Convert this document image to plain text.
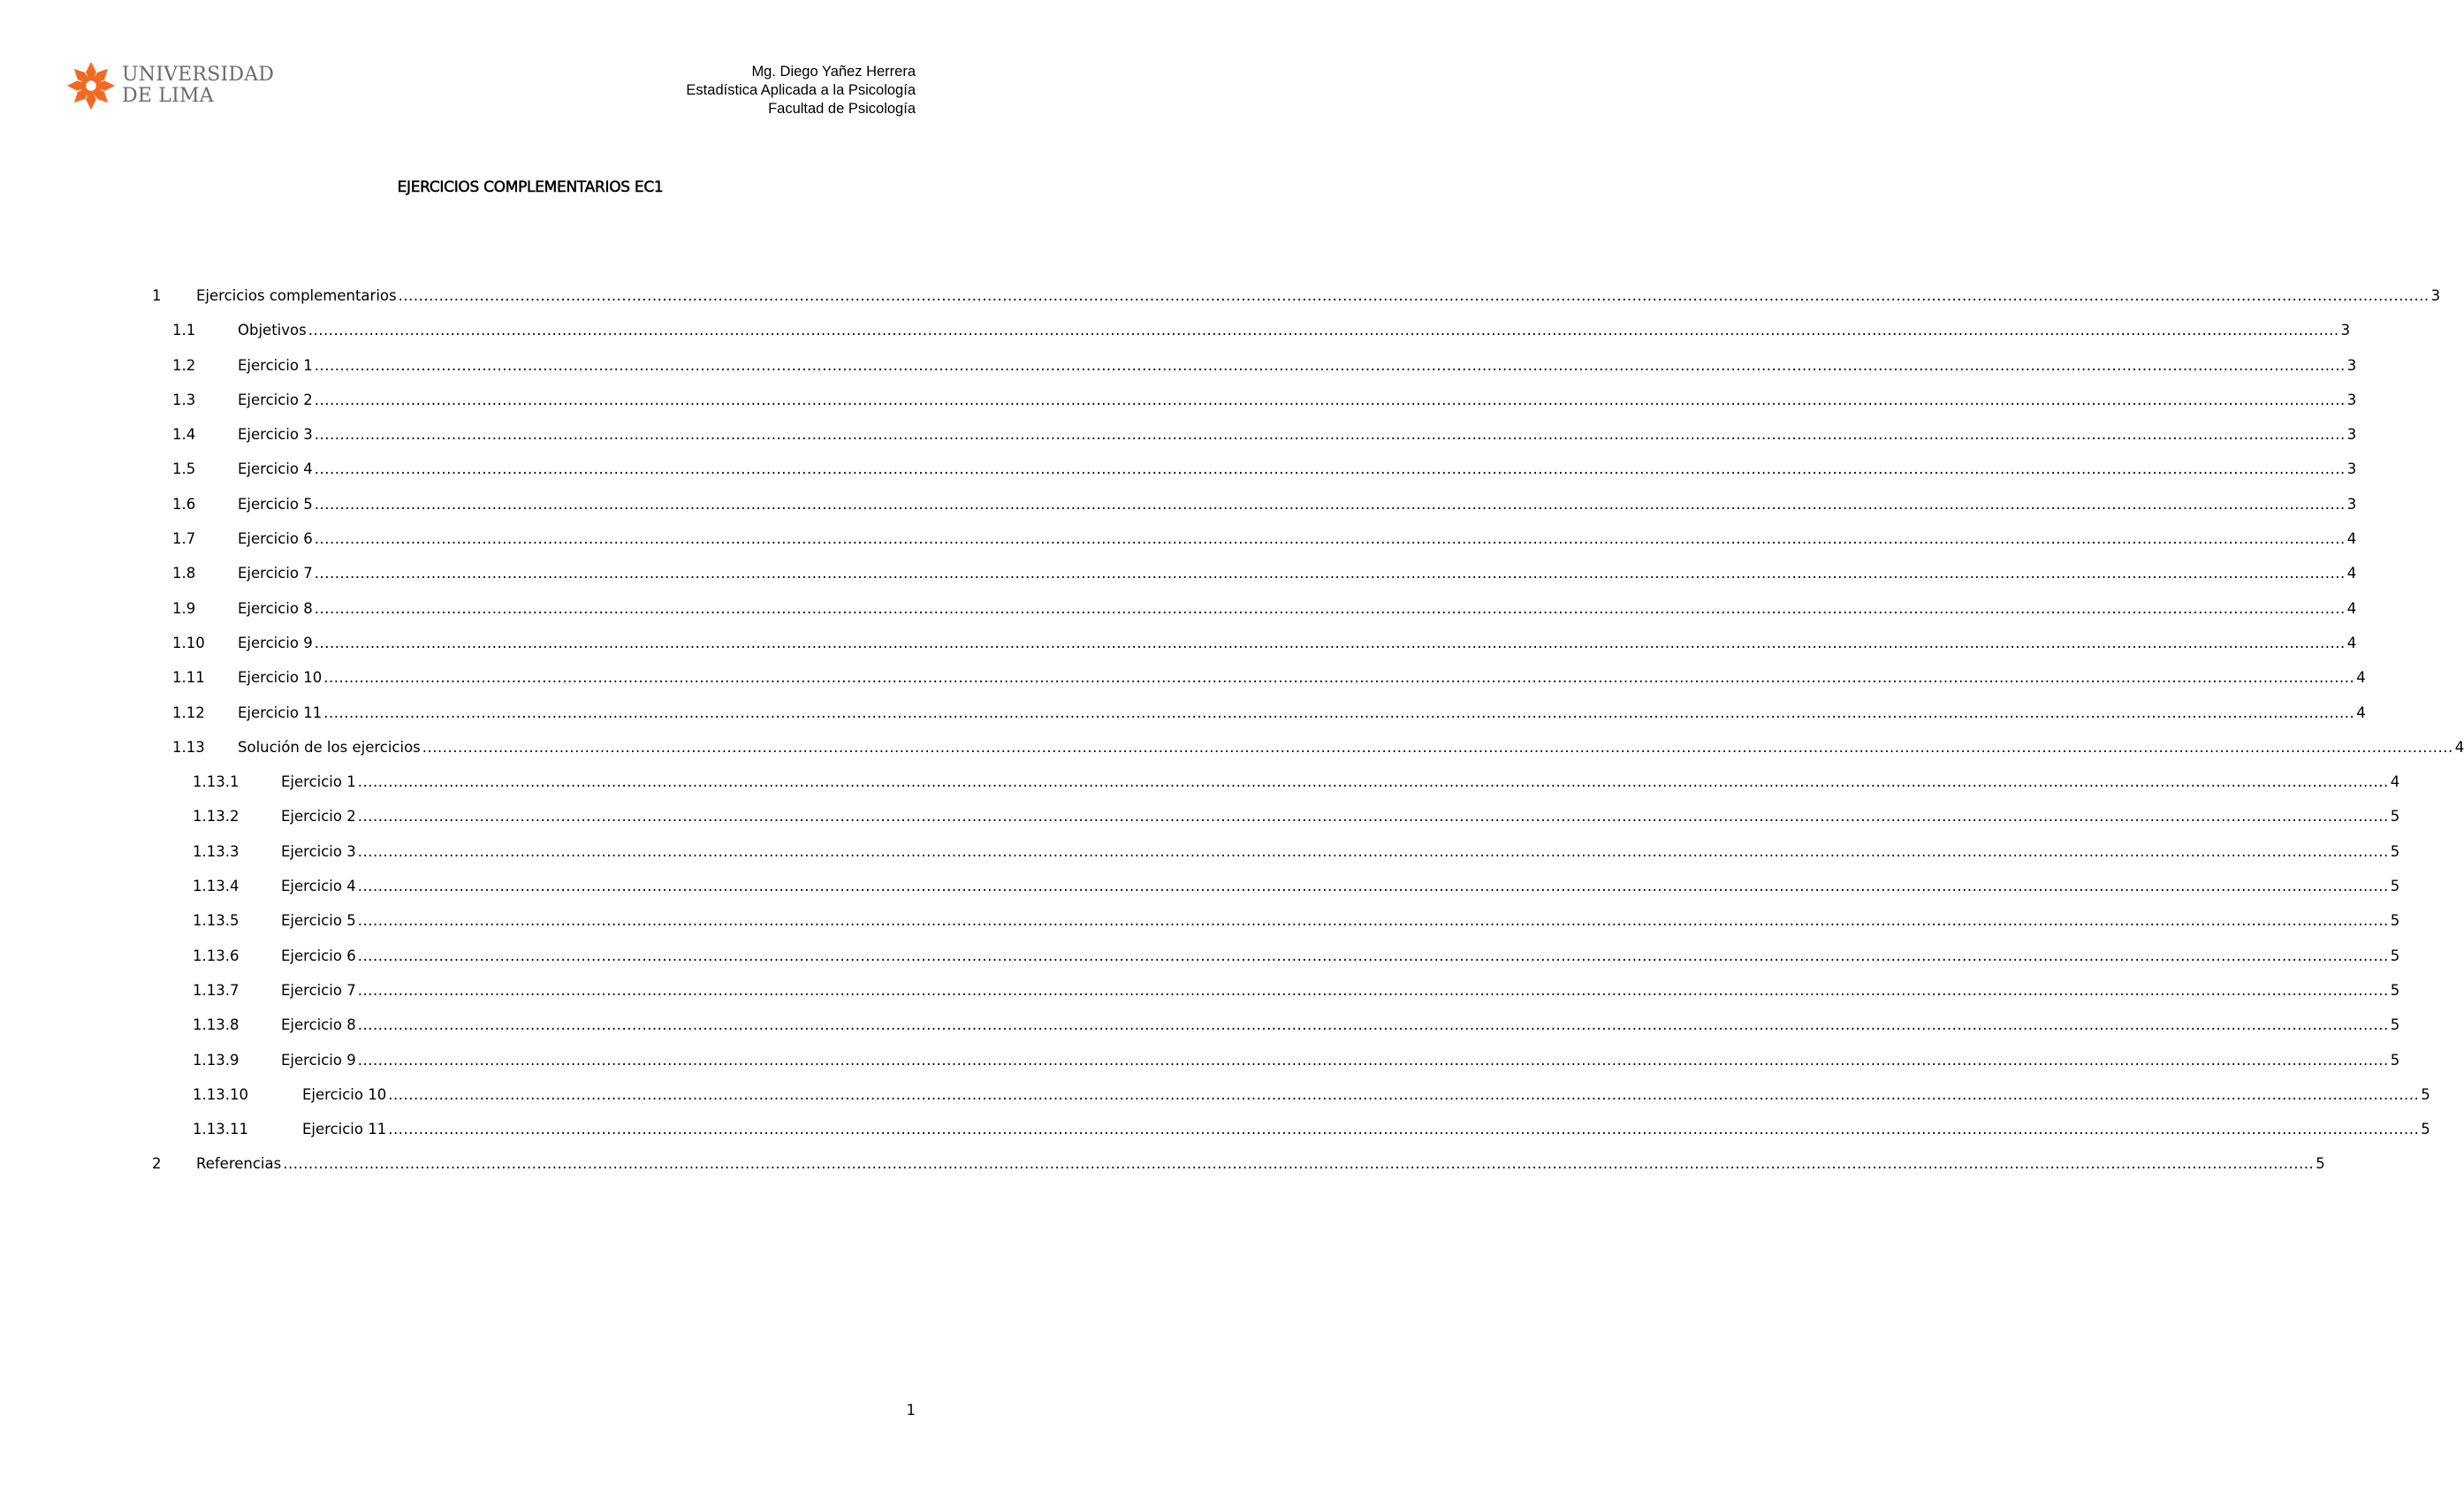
UNIVERSIDAD
DE LIMA
Mg. Diego Yañez Herrera
Estadística Aplicada a la Psicología
Facultad de Psicología
EJERCICIOS COMPLEMENTARIOS EC1
1	Ejercicios complementarios ................................................................................................................................................................................................................................................................................................................................................................................................................ 3
1.1	Objetivos ................................................................................................................................................................................................................................................................................................................................................................................................................ 3
1.2	Ejercicio 1 ................................................................................................................................................................................................................................................................................................................................................................................................................ 3
1.3	Ejercicio 2 ................................................................................................................................................................................................................................................................................................................................................................................................................ 3
1.4	Ejercicio 3 ................................................................................................................................................................................................................................................................................................................................................................................................................ 3
1.5	Ejercicio 4 ................................................................................................................................................................................................................................................................................................................................................................................................................ 3
1.6	Ejercicio 5 ................................................................................................................................................................................................................................................................................................................................................................................................................ 3
1.7	Ejercicio 6 ................................................................................................................................................................................................................................................................................................................................................................................................................ 4
1.8	Ejercicio 7 ................................................................................................................................................................................................................................................................................................................................................................................................................ 4
1.9	Ejercicio 8 ................................................................................................................................................................................................................................................................................................................................................................................................................ 4
1.10	Ejercicio 9 ................................................................................................................................................................................................................................................................................................................................................................................................................ 4
1.11	Ejercicio 10 ................................................................................................................................................................................................................................................................................................................................................................................................................ 4
1.12	Ejercicio 11 ................................................................................................................................................................................................................................................................................................................................................................................................................ 4
1.13	Solución de los ejercicios ................................................................................................................................................................................................................................................................................................................................................................................................................ 4
1.13.1	Ejercicio 1 ................................................................................................................................................................................................................................................................................................................................................................................................................ 4
1.13.2	Ejercicio 2 ................................................................................................................................................................................................................................................................................................................................................................................................................ 5
1.13.3	Ejercicio 3 ................................................................................................................................................................................................................................................................................................................................................................................................................ 5
1.13.4	Ejercicio 4 ................................................................................................................................................................................................................................................................................................................................................................................................................ 5
1.13.5	Ejercicio 5 ................................................................................................................................................................................................................................................................................................................................................................................................................ 5
1.13.6	Ejercicio 6 ................................................................................................................................................................................................................................................................................................................................................................................................................ 5
1.13.7	Ejercicio 7 ................................................................................................................................................................................................................................................................................................................................................................................................................ 5
1.13.8	Ejercicio 8 ................................................................................................................................................................................................................................................................................................................................................................................................................ 5
1.13.9	Ejercicio 9 ................................................................................................................................................................................................................................................................................................................................................................................................................ 5
1.13.10	Ejercicio 10 ................................................................................................................................................................................................................................................................................................................................................................................................................ 5
1.13.11	Ejercicio 11 ................................................................................................................................................................................................................................................................................................................................................................................................................ 5
2	Referencias ................................................................................................................................................................................................................................................................................................................................................................................................................ 5
1
